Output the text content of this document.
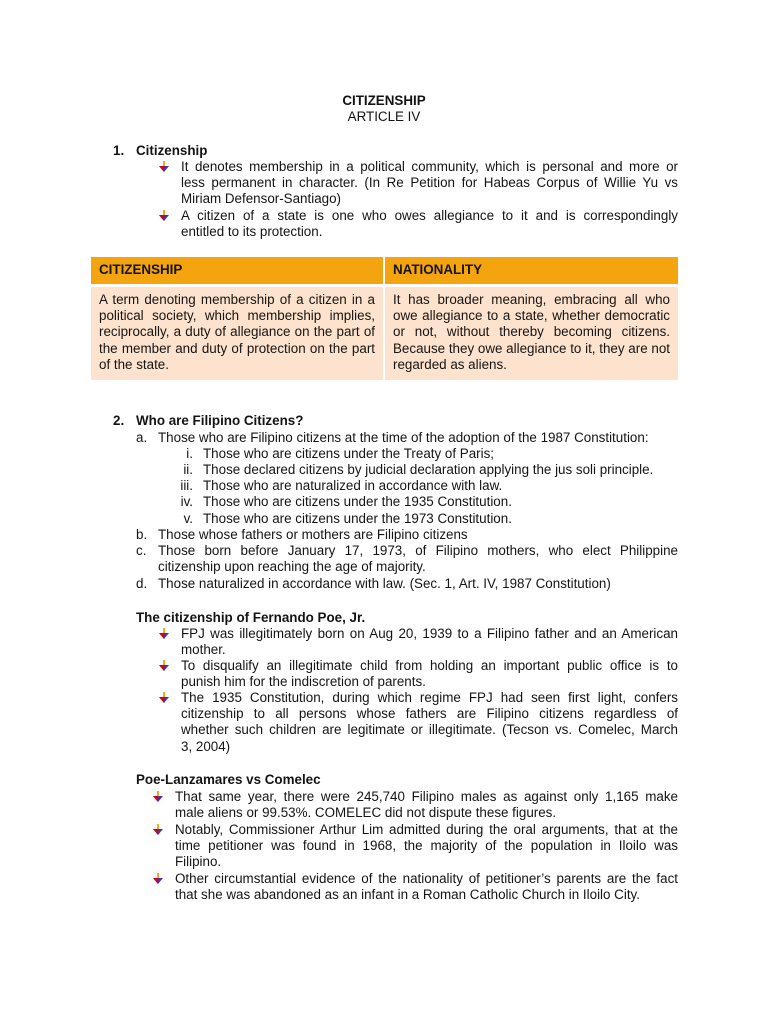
CITIZENSHIP
ARTICLE IV
1. Citizenship
It denotes membership in a political community, which is personal and more or
less permanent in character. (In Re Petition for Habeas Corpus of Willie Yu vs
Miriam Defensor-Santiago)
A citizen of a state is one who owes allegiance to it and is correspondingly
entitled to its protection.
CITIZENSHIP	NATIONALITY
A term denoting membership of a citizen in a political society, which membership implies, reciprocally, a duty of allegiance on the part of the member and duty of protection on the part of the state.	It has broader meaning, embracing all who owe allegiance to a state, whether democratic or not, without thereby becoming citizens. Because they owe allegiance to it, they are not regarded as aliens.
2. Who are Filipino Citizens?
a. Those who are Filipino citizens at the time of the adoption of the 1987 Constitution:
i. Those who are citizens under the Treaty of Paris;
ii. Those declared citizens by judicial declaration applying the jus soli principle.
iii. Those who are naturalized in accordance with law.
iv. Those who are citizens under the 1935 Constitution.
v. Those who are citizens under the 1973 Constitution.
b. Those whose fathers or mothers are Filipino citizens
c. Those born before January 17, 1973, of Filipino mothers, who elect Philippine
citizenship upon reaching the age of majority.
d. Those naturalized in accordance with law. (Sec. 1, Art. IV, 1987 Constitution)
The citizenship of Fernando Poe, Jr.
FPJ was illegitimately born on Aug 20, 1939 to a Filipino father and an American
mother.
To disqualify an illegitimate child from holding an important public office is to
punish him for the indiscretion of parents.
The 1935 Constitution, during which regime FPJ had seen first light, confers
citizenship to all persons whose fathers are Filipino citizens regardless of
whether such children are legitimate or illegitimate. (Tecson vs. Comelec, March
3, 2004)
Poe-Lanzamares vs Comelec
That same year, there were 245,740 Filipino males as against only 1,165 make
male aliens or 99.53%. COMELEC did not dispute these figures.
Notably, Commissioner Arthur Lim admitted during the oral arguments, that at the
time petitioner was found in 1968, the majority of the population in Iloilo was
Filipino.
Other circumstantial evidence of the nationality of petitioner’s parents are the fact
that she was abandoned as an infant in a Roman Catholic Church in Iloilo City.
